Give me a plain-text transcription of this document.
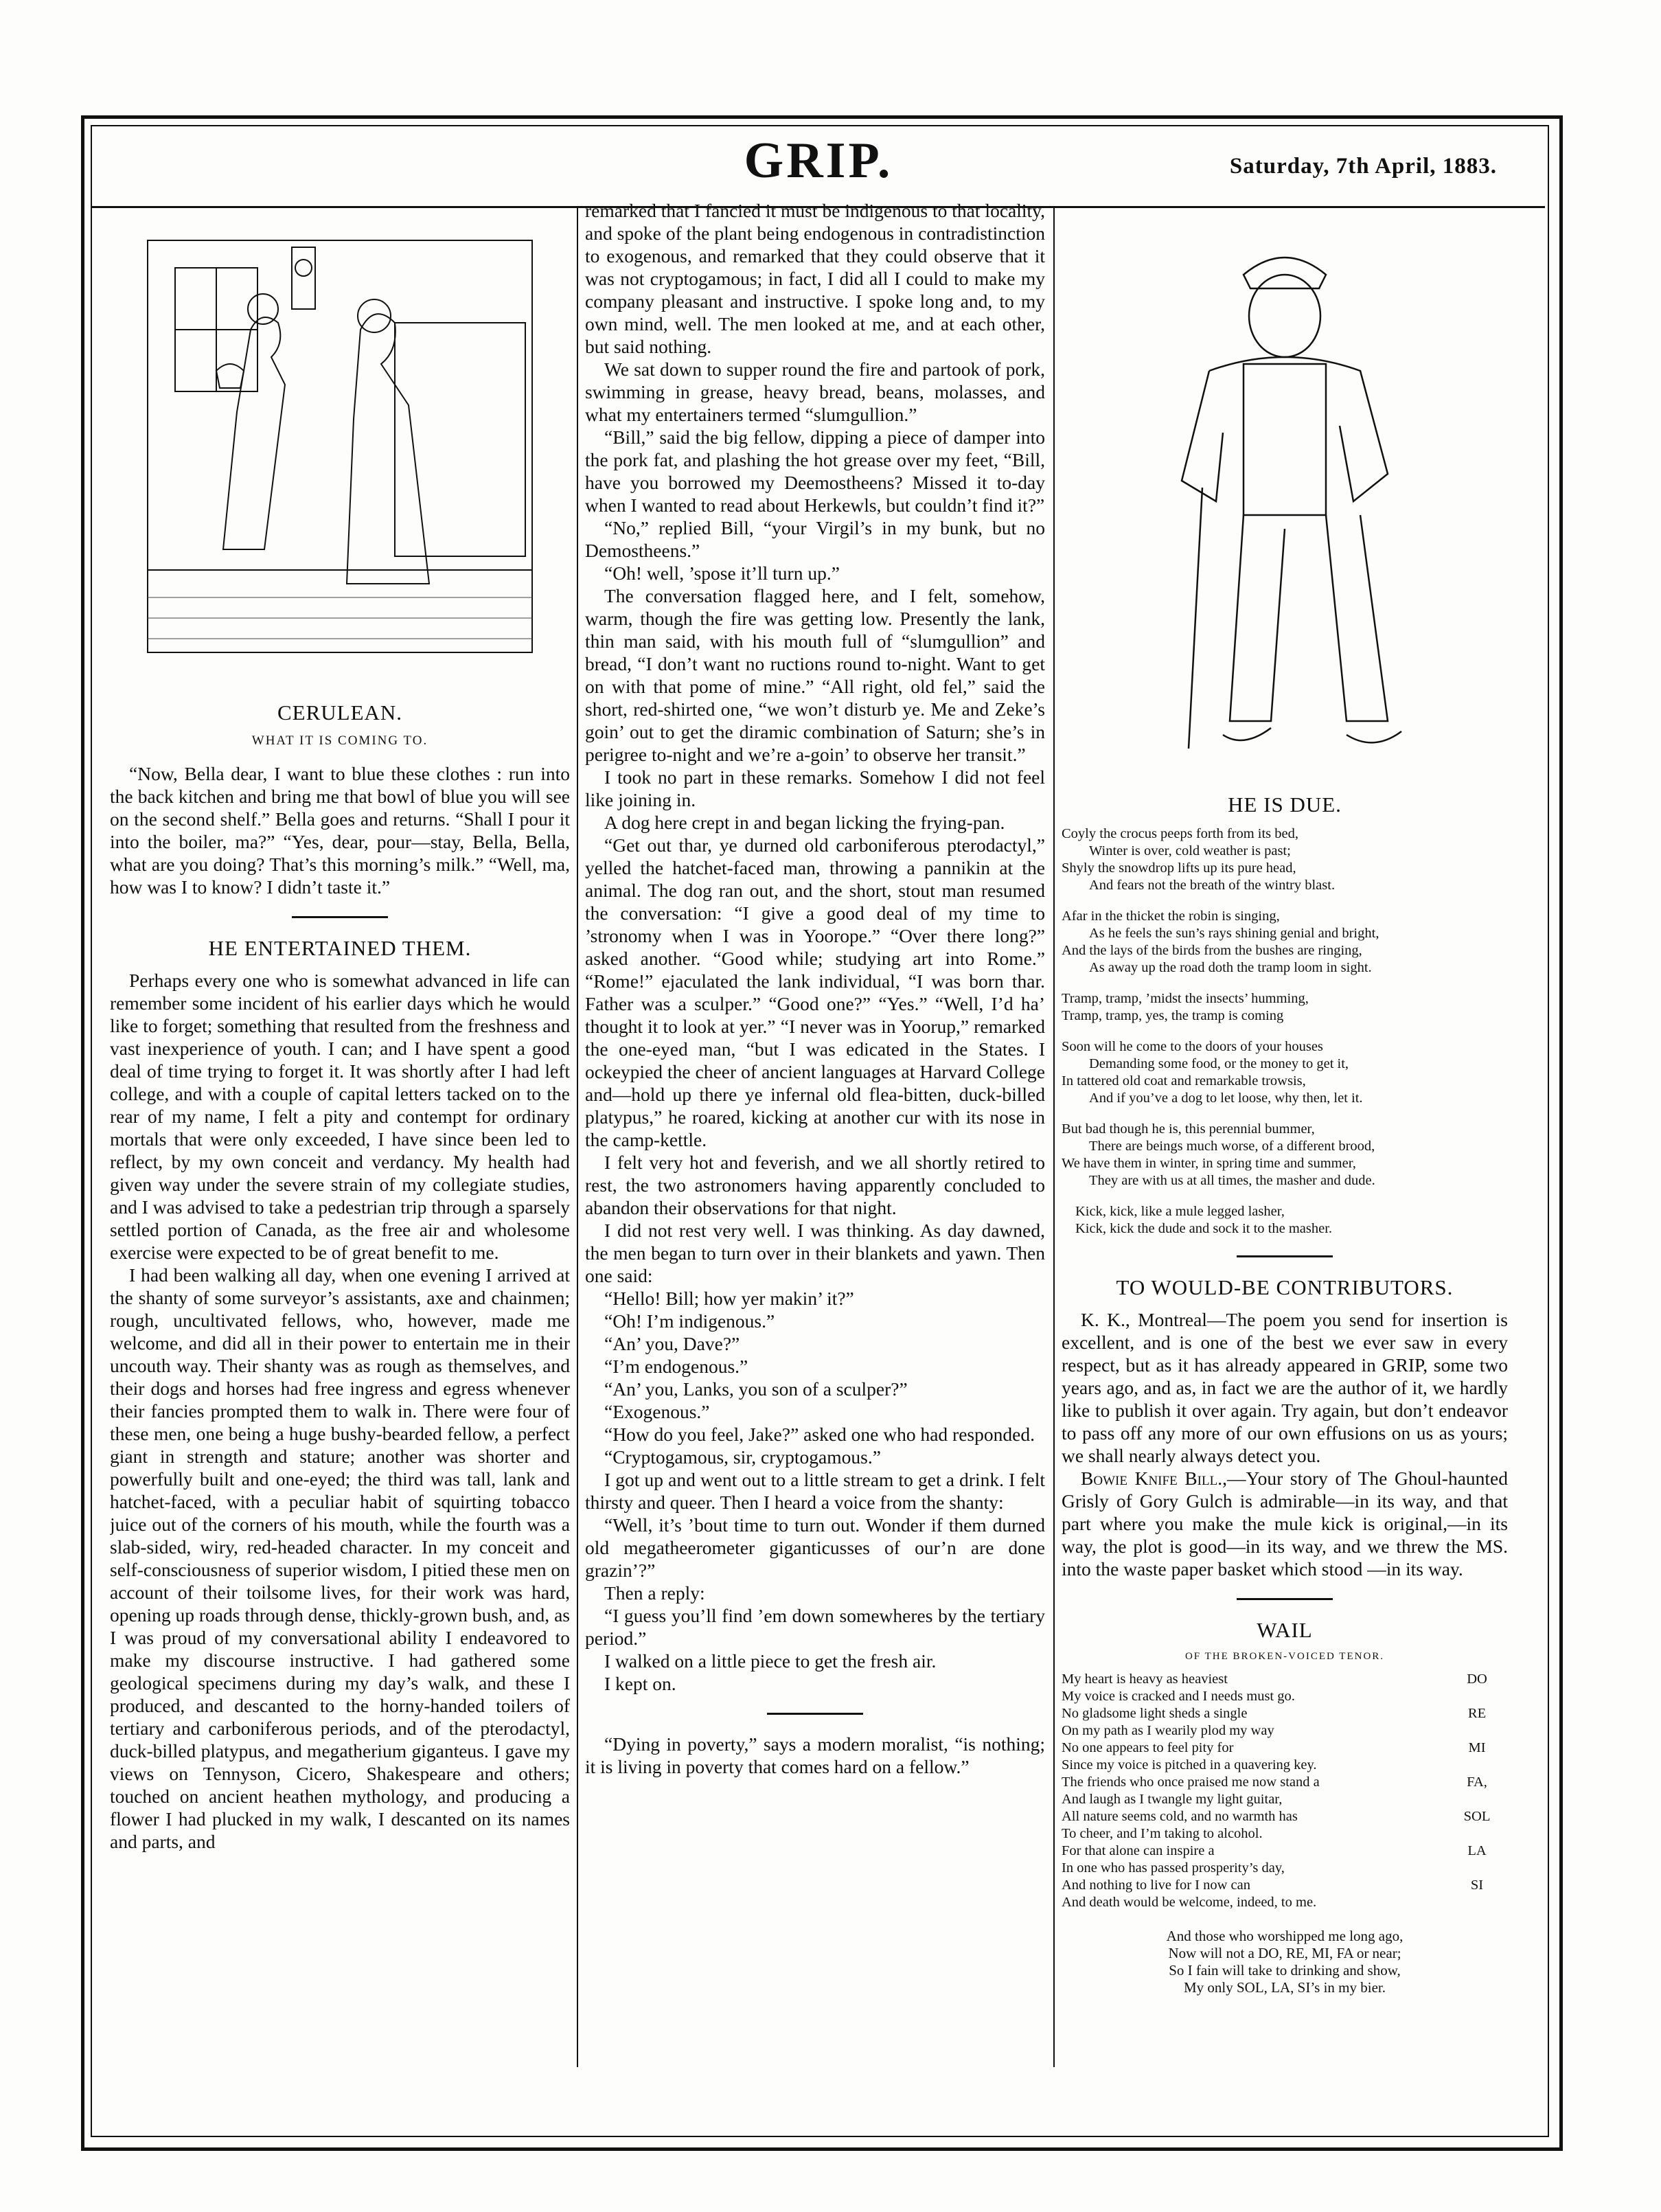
GRIP.	Saturday, 7th April, 1883.
CERULEAN.
WHAT IT IS COMING TO.

“Now, Bella dear, I want to blue these clothes : run into the back kitchen and bring me that bowl of blue you will see on the second shelf.” Bella goes and returns. “Shall I pour it into the boiler, ma?” “Yes, dear, pour—stay, Bella, Bella, what are you doing? That’s this morning’s milk.” “Well, ma, how was I to know? I didn’t taste it.”

HE ENTERTAINED THEM.

Perhaps every one who is somewhat advanced in life can remember some incident of his earlier days which he would like to forget; something that resulted from the freshness and vast inexperience of youth. I can; and I have spent a good deal of time trying to forget it. It was shortly after I had left college, and with a couple of capital letters tacked on to the rear of my name, I felt a pity and contempt for ordinary mortals that were only exceeded, I have since been led to reflect, by my own conceit and verdancy. My health had given way under the severe strain of my collegiate studies, and I was advised to take a pedestrian trip through a sparsely settled portion of Canada, as the free air and wholesome exercise were expected to be of great benefit to me.

I had been walking all day, when one evening I arrived at the shanty of some surveyor’s assistants, axe and chainmen; rough, uncultivated fellows, who, however, made me welcome, and did all in their power to entertain me in their uncouth way. Their shanty was as rough as themselves, and their dogs and horses had free ingress and egress whenever their fancies prompted them to walk in. There were four of these men, one being a huge bushy-bearded fellow, a perfect giant in strength and stature; another was shorter and powerfully built and one-eyed; the third was tall, lank and hatchet-faced, with a peculiar habit of squirting tobacco juice out of the corners of his mouth, while the fourth was a slab-sided, wiry, red-headed character. In my conceit and self-consciousness of superior wisdom, I pitied these men on account of their toilsome lives, for their work was hard, opening up roads through dense, thickly-grown bush, and, as I was proud of my conversational ability I endeavored to make my discourse instructive. I had gathered some geological specimens during my day’s walk, and these I produced, and descanted to the horny-handed toilers of tertiary and carboniferous periods, and of the pterodactyl, duck-billed platypus, and megatherium giganteus. I gave my views on Tennyson, Cicero, Shakespeare and others; touched on ancient heathen mythology, and producing a flower I had plucked in my walk, I descanted on its names and parts, and

remarked that I fancied it must be indigenous to that locality, and spoke of the plant being endogenous in contradistinction to exogenous, and remarked that they could observe that it was not cryptogamous; in fact, I did all I could to make my company pleasant and instructive. I spoke long and, to my own mind, well. The men looked at me, and at each other, but said nothing.

We sat down to supper round the fire and partook of pork, swimming in grease, heavy bread, beans, molasses, and what my entertainers termed “slumgullion.”

“Bill,” said the big fellow, dipping a piece of damper into the pork fat, and plashing the hot grease over my feet, “Bill, have you borrowed my Deemostheens? Missed it to-day when I wanted to read about Herkewls, but couldn’t find it?”

“No,” replied Bill, “your Virgil’s in my bunk, but no Demostheens.”

“Oh! well, ’spose it’ll turn up.”

The conversation flagged here, and I felt, somehow, warm, though the fire was getting low. Presently the lank, thin man said, with his mouth full of “slumgullion” and bread, “I don’t want no ructions round to-night. Want to get on with that pome of mine.” “All right, old fel,” said the short, red-shirted one, “we won’t disturb ye. Me and Zeke’s goin’ out to get the diramic combination of Saturn; she’s in perigree to-night and we’re a-goin’ to observe her transit.”

I took no part in these remarks. Somehow I did not feel like joining in.

A dog here crept in and began licking the frying-pan.

“Get out thar, ye durned old carboniferous pterodactyl,” yelled the hatchet-faced man, throwing a pannikin at the animal. The dog ran out, and the short, stout man resumed the conversation: “I give a good deal of my time to ’stronomy when I was in Yoorope.” “Over there long?” asked another. “Good while; studying art into Rome.” “Rome!” ejaculated the lank individual, “I was born thar. Father was a sculper.” “Good one?” “Yes.” “Well, I’d ha’ thought it to look at yer.” “I never was in Yoorup,” remarked the one-eyed man, “but I was edicated in the States. I ockeypied the cheer of ancient languages at Harvard College and—hold up there ye infernal old flea-bitten, duck-billed platypus,” he roared, kicking at another cur with its nose in the camp-kettle.

I felt very hot and feverish, and we all shortly retired to rest, the two astronomers having apparently concluded to abandon their observations for that night.

I did not rest very well. I was thinking. As day dawned, the men began to turn over in their blankets and yawn. Then one said:

“Hello! Bill; how yer makin’ it?”

“Oh! I’m indigenous.”

“An’ you, Dave?”

“I’m endogenous.”

“An’ you, Lanks, you son of a sculper?”

“Exogenous.”

“How do you feel, Jake?” asked one who had responded.

“Cryptogamous, sir, cryptogamous.”

I got up and went out to a little stream to get a drink. I felt thirsty and queer. Then I heard a voice from the shanty:

“Well, it’s ’bout time to turn out. Wonder if them durned old megatheerometer giganticusses of our’n are done grazin’?”

Then a reply:

“I guess you’ll find ’em down somewheres by the tertiary period.”

I walked on a little piece to get the fresh air.

I kept on.

“Dying in poverty,” says a modern moralist, “is nothing; it is living in poverty that comes hard on a fellow.”

HE IS DUE.
Coyly the crocus peeps forth from its bed,
Winter is over, cold weather is past;
Shyly the snowdrop lifts up its pure head,
And fears not the breath of the wintry blast.
Afar in the thicket the robin is singing,
As he feels the sun’s rays shining genial and bright,
And the lays of the birds from the bushes are ringing,
As away up the road doth the tramp loom in sight.
Tramp, tramp, ’midst the insects’ humming,
Tramp, tramp, yes, the tramp is coming
Soon will he come to the doors of your houses
Demanding some food, or the money to get it,
In tattered old coat and remarkable trowsis,
And if you’ve a dog to let loose, why then, let it.
But bad though he is, this perennial bummer,
There are beings much worse, of a different brood,
We have them in winter, in spring time and summer,
They are with us at all times, the masher and dude.
Kick, kick, like a mule legged lasher,
Kick, kick the dude and sock it to the masher.
TO WOULD-BE CONTRIBUTORS.

K. K., Montreal—The poem you send for insertion is excellent, and is one of the best we ever saw in every respect, but as it has already appeared in GRIP, some two years ago, and as, in fact we are the author of it, we hardly like to publish it over again. Try again, but don’t endeavor to pass off any more of our own effusions on us as yours; we shall nearly always detect you.

Bowie Knife Bill.,—Your story of The Ghoul-haunted Grisly of Gory Gulch is admirable—in its way, and that part where you make the mule kick is original,—in its way, the plot is good—in its way, and we threw the MS. into the waste paper basket which stood —in its way.

WAIL
OF THE BROKEN-VOICED TENOR.
My heart is heavy as heaviest	DO
My voice is cracked and I needs must go.	
No gladsome light sheds a single	RE
On my path as I wearily plod my way	
No one appears to feel pity for	MI
Since my voice is pitched in a quavering key.	
The friends who once praised me now stand a	FA,
And laugh as I twangle my light guitar,	
All nature seems cold, and no warmth has	SOL
To cheer, and I’m taking to alcohol.	
For that alone can inspire a	LA
In one who has passed prosperity’s day,	
And nothing to live for I now can	SI
And death would be welcome, indeed, to me.	
And those who worshipped me long ago,
Now will not a DO, RE, MI, FA or near;
So I fain will take to drinking and show,
My only SOL, LA, SI’s in my bier.
